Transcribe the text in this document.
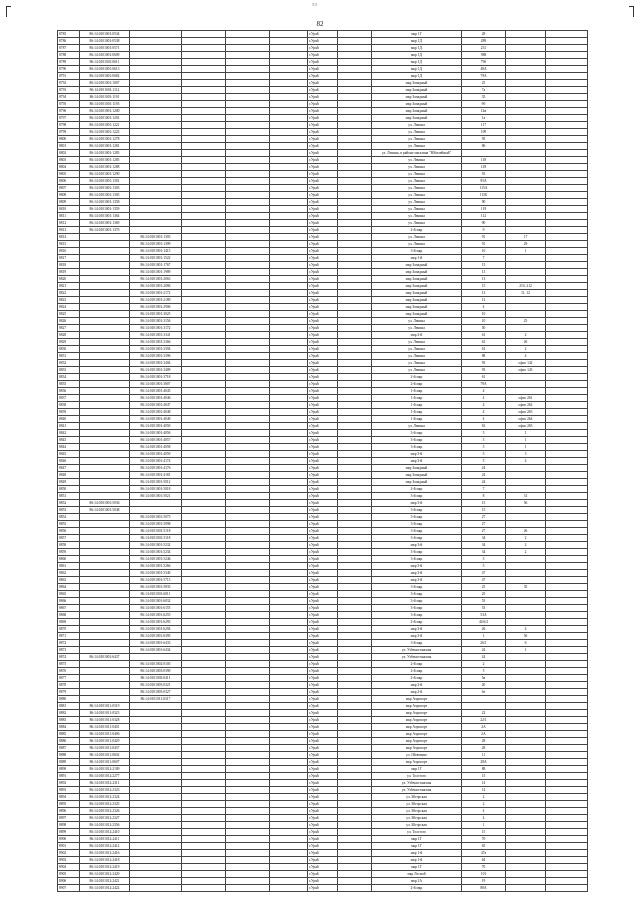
т.т
82
8785	86:14:0101001:0534					г.Урай		мкр 1Г	28		
8786	86:14:0101001:0538					г.Урай		мкр 1Д	289		
8787	86:14:0101001:0571					г.Урай		мкр 1Д	231		
8788	86:14:0101001:0609					г.Урай		мкр 1Д	988		
8789	86:14:0101001:0611					г.Урай		мкр 1Д	79б		
8790	86:14:0101001:0613					г.Урай		мкр 1Д	48А		
8791	86:14:0101001:0682					г.Урай		мкр 1Д	79А		
8792	86:14:0101001:1007					г.Урай		мкр Западный	25		
8793	86:14:0101001:1112					г.Урай		мкр Западный	7а		
8794	86:14:0101001:1191					г.Урай		мкр Западный	35		
8795	86:14:0101001:1195					г.Урай		мкр Западный	9б		
8796	86:14:0101001:1200					г.Урай		мкр Западный	12в		
8797	86:14:0101001:1201					г.Урай		мкр Западный	1а		
8798	86:14:0101001:1221					г.Урай		ул. Ленина	117		
8799	86:14:0101001:1223					г.Урай		ул. Ленина	109		
8800	86:14:0101001:1278					г.Урай		ул. Ленина	95		
8801	86:14:0101001:1281					г.Урай		ул. Ленина	86		
8802	86:14:0101001:1283					г.Урай		ул. Ленина, в районе магазина "Юбилейный"			
8803	86:14:0101001:1285					г.Урай		ул. Ленина	118		
8804	86:14:0101001:1288					г.Урай		ул. Ленина	118		
8805	86:14:0101001:1290					г.Урай		ул. Ленина	91		
8806	86:14:0101001:1301					г.Урай		ул. Ленина	95А		
8807	86:14:0101001:1303					г.Урай		ул. Ленина	115А		
8808	86:14:0101001:1305					г.Урай		ул. Ленина	115Б		
8809	86:14:0101001:1358					г.Урай		ул. Ленина	90		
8810	86:14:0101001:1359					г.Урай		ул. Ленина	119		
8811	86:14:0101001:1364					г.Урай		ул. Ленина	112		
8812	86:14:0101001:1369					г.Урай		ул. Ленина	90		
8813	86:14:0101001:1370					г.Урай		2-й мкр	9		
8814		86:14:0101001:1393				г.Урай		ул. Ленина	91	17	
8815		86:14:0101001:1399				г.Урай		ул. Ленина	91	29	
8816		86:14:0101001:1415				г.Урай		3-й мкр	16	1	
8817		86:14:0101001:1522				г.Урай		мкр 1-й	7		
8818		86:14:0101001:1767				г.Урай		мкр Западный	15		
8819		86:14:0101001:1989				г.Урай		мкр Западный	13		
8820		86:14:0101001:2063				г.Урай		мкр Западный	13		
8821		86:14:0101001:2086				г.Урай		мкр Западный	15	210, 212	
8822		86:14:0101001:2172				г.Урай		мкр Западный	13	11, 12	
8823		86:14:0101001:2189				г.Урай		мкр Западный	12		
8824		86:14:0101001:2906				г.Урай		мкр Западный	4		
8825		86:14:0101001:3025				г.Урай		мкр Западный	10		
8826		86:14:0101001:3156				г.Урай		ул. Ленина	10	25	
8827		86:14:0101001:3172				г.Урай		ул. Ленина	50		
8828		86:14:0101001:3341				г.Урай		мкр 2-й	61	2	
8829		86:14:0101001:3366				г.Урай		ул. Ленина	61	26	
8830		86:14:0101001:3394				г.Урай		ул. Ленина	61	2	
8831		86:14:0101001:3396				г.Урай		ул. Ленина	88	4	
8832		86:14:0101001:3404				г.Урай		ул. Ленина	93	офис 142	
8833		86:14:0101001:3409				г.Урай		ул. Ленина	93	офис 143	
8834		86:14:0101001:3718				г.Урай		2-й мкр	61		
8835		86:14:0101001:3807				г.Урай		2-й мкр	79А		
8836		86:14:0101001:4045				г.Урай		1-й мкр	4		
8837		86:14:0101001:4046				г.Урай		1-й мкр	4	офис 261	
8838		86:14:0101001:4047				г.Урай		1-й мкр	4	офис 262	
8839		86:14:0101001:4048				г.Урай		1-й мкр	4	офис 263	
8840		86:14:0101001:4049				г.Урай		1-й мкр	4	офис 264	
8841		86:14:0101001:4050				г.Урай		ул. Ленина	63	офис 265	
8842		86:14:0101001:4056				г.Урай		3-й мкр	5	1	
8843		86:14:0101001:4057				г.Урай		3-й мкр	5	1	
8844		86:14:0101001:4058				г.Урай		3-й мкр	5	1	
8845		86:14:0101001:4059				г.Урай		мкр 3-й	5	3	
8846		86:14:0101001:4174				г.Урай		мкр 3-й	5	4	
8847		86:14:0101001:4176				г.Урай		мкр Западный	24		
8848		86:14:0101001:4181				г.Урай		мкр Западный	24		
8849		86:14:0101001:5012				г.Урай		мкр Западный	24		
8850		86:14:0101001:5018				г.Урай		2-й мкр	7		
8851		86:14:0101001:5021				г.Урай		3-й мкр	8	31	
8852	86:14:0101001:5036					г.Урай		мкр 3-й	15	56	
8853	86:14:0101001:5048					г.Урай		3-й мкр	15		
8854		86:14:0101001:5075				г.Урай		3-й мкр	27		
8855		86:14:0101001:5098				г.Урай		3-й мкр	27		
8856		86:14:0101001:5118				г.Урай		3-й мкр	27	26	
8857		86:14:0101001:5118				г.Урай		3-й мкр	34	2	
8858		86:14:0101001:5232				г.Урай		мкр 3-й	34	2	
8859		86:14:0101001:5234				г.Урай		3-й мкр	34	2	
8860		86:14:0101001:5246				г.Урай		3-й мкр	5		
8861		86:14:0101001:5266				г.Урай		мкр 3-й	5		
8862		86:14:0101001:5340				г.Урай		мкр 3-й	47		
8863		86:14:0101001:5715				г.Урай		мкр 3-й	47		
8864		86:14:0101001:5835				г.Урай		3-й мкр	25	35	
8865		86:14:0101001:6011				г.Урай		3-й мкр	25		
8866		86:14:0101001:6032				г.Урай		3-й мкр	53		
8867		86:14:0101001:6155				г.Урай		3-й мкр	53		
8868		86:14:0101001:6255				г.Урай		3-й мкр	53А		
8869		86:14:0101001:6293				г.Урай		2-й мкр	44А/2		
8870		86:14:0101001:6294				г.Урай		мкр 3-й	26	4	
8871		86:14:0101001:6395				г.Урай		мкр 3-й	1	56	
8872		86:14:0101001:6433				г.Урай		3-й мкр	26/1	6	
8873		86:14:0101001:6434				г.Урай		ул. Узбекистанская	24	1	
8874	86:14:0101001:6437					г.Урай		ул. Узбекистанская	24		
8875		86:14:0101002:0103				г.Урай		2-й мкр	2		
8876		86:14:0101003:0390				г.Урай		2-й мкр	5		
8877		86:14:0101003:0411				г.Урай		2-й мкр	5в		
8878		86:14:0101005:0321				г.Урай		мкр 2-й	20		
8879		86:14:0101005:0327				г.Урай		мкр 2-й	6е		
8880		86:14:0101011:0317				г.Урай		мкр Аэропорт			
8881	86:14:0101011:0319					г.Урай		мкр Аэропорт			
8882	86:14:0101011:0323					г.Урай		мкр Аэропорт	22		
8883	86:14:0101011:0328					г.Урай		мкр Аэропорт	22/1		
8884	86:14:0101011:0401					г.Урай		мкр Аэропорт	2А		
8885	86:14:0101011:0406					г.Урай		мкр Аэропорт	2А		
8886	86:14:0101011:0429					г.Урай		мкр Аэропорт	28		
8887	86:14:0101011:0437					г.Урай		мкр Аэропорт	28		
8888	86:14:0101011:0602					г.Урай		ул. Шевченко	11		
8889	86:14:0101011:0607					г.Урай		мкр Аэропорт	28А		
8890	86:14:0101012:2109					г.Урай		мкр 1Г	88		
8891	86:14:0101012:2277					г.Урай		ул. Толстого	15		
8892	86:14:0101012:2311					г.Урай		ул. Узбекистанская	14		
8893	86:14:0101012:2323					г.Урай		ул. Узбекистанская	14		
8894	86:14:0101012:2324					г.Урай		ул. Югорская	2		
8895	86:14:0101012:2325					г.Урай		ул. Югорская	2		
8896	86:14:0101012:2326					г.Урай		ул. Югорская	4		
8897	86:14:0101012:2327					г.Урай		ул. Югорская	4		
8898	86:14:0101012:2356					г.Урай		ул. Югорская	1		
8899	86:14:0101012:2410					г.Урай		ул. Толстого	15		
8900	86:14:0101012:2411					г.Урай		мкр 1Г	70		
8901	86:14:0101012:2412					г.Урай		мкр 1Г	65		
8902	86:14:0101012:2416					г.Урай		мкр 1-й	47а		
8903	86:14:0101012:2418					г.Урай		мкр 1-й	64		
8904	86:14:0101012:2419					г.Урай		мкр 1Г	70		
8905	86:14:0101012:2420					г.Урай		мкр Лесной	101		
8906	86:14:0101012:2421					г.Урай		мкр 2А	19		
8907	86:14:0101012:2422					г.Урай		2-й мкр	88А		
